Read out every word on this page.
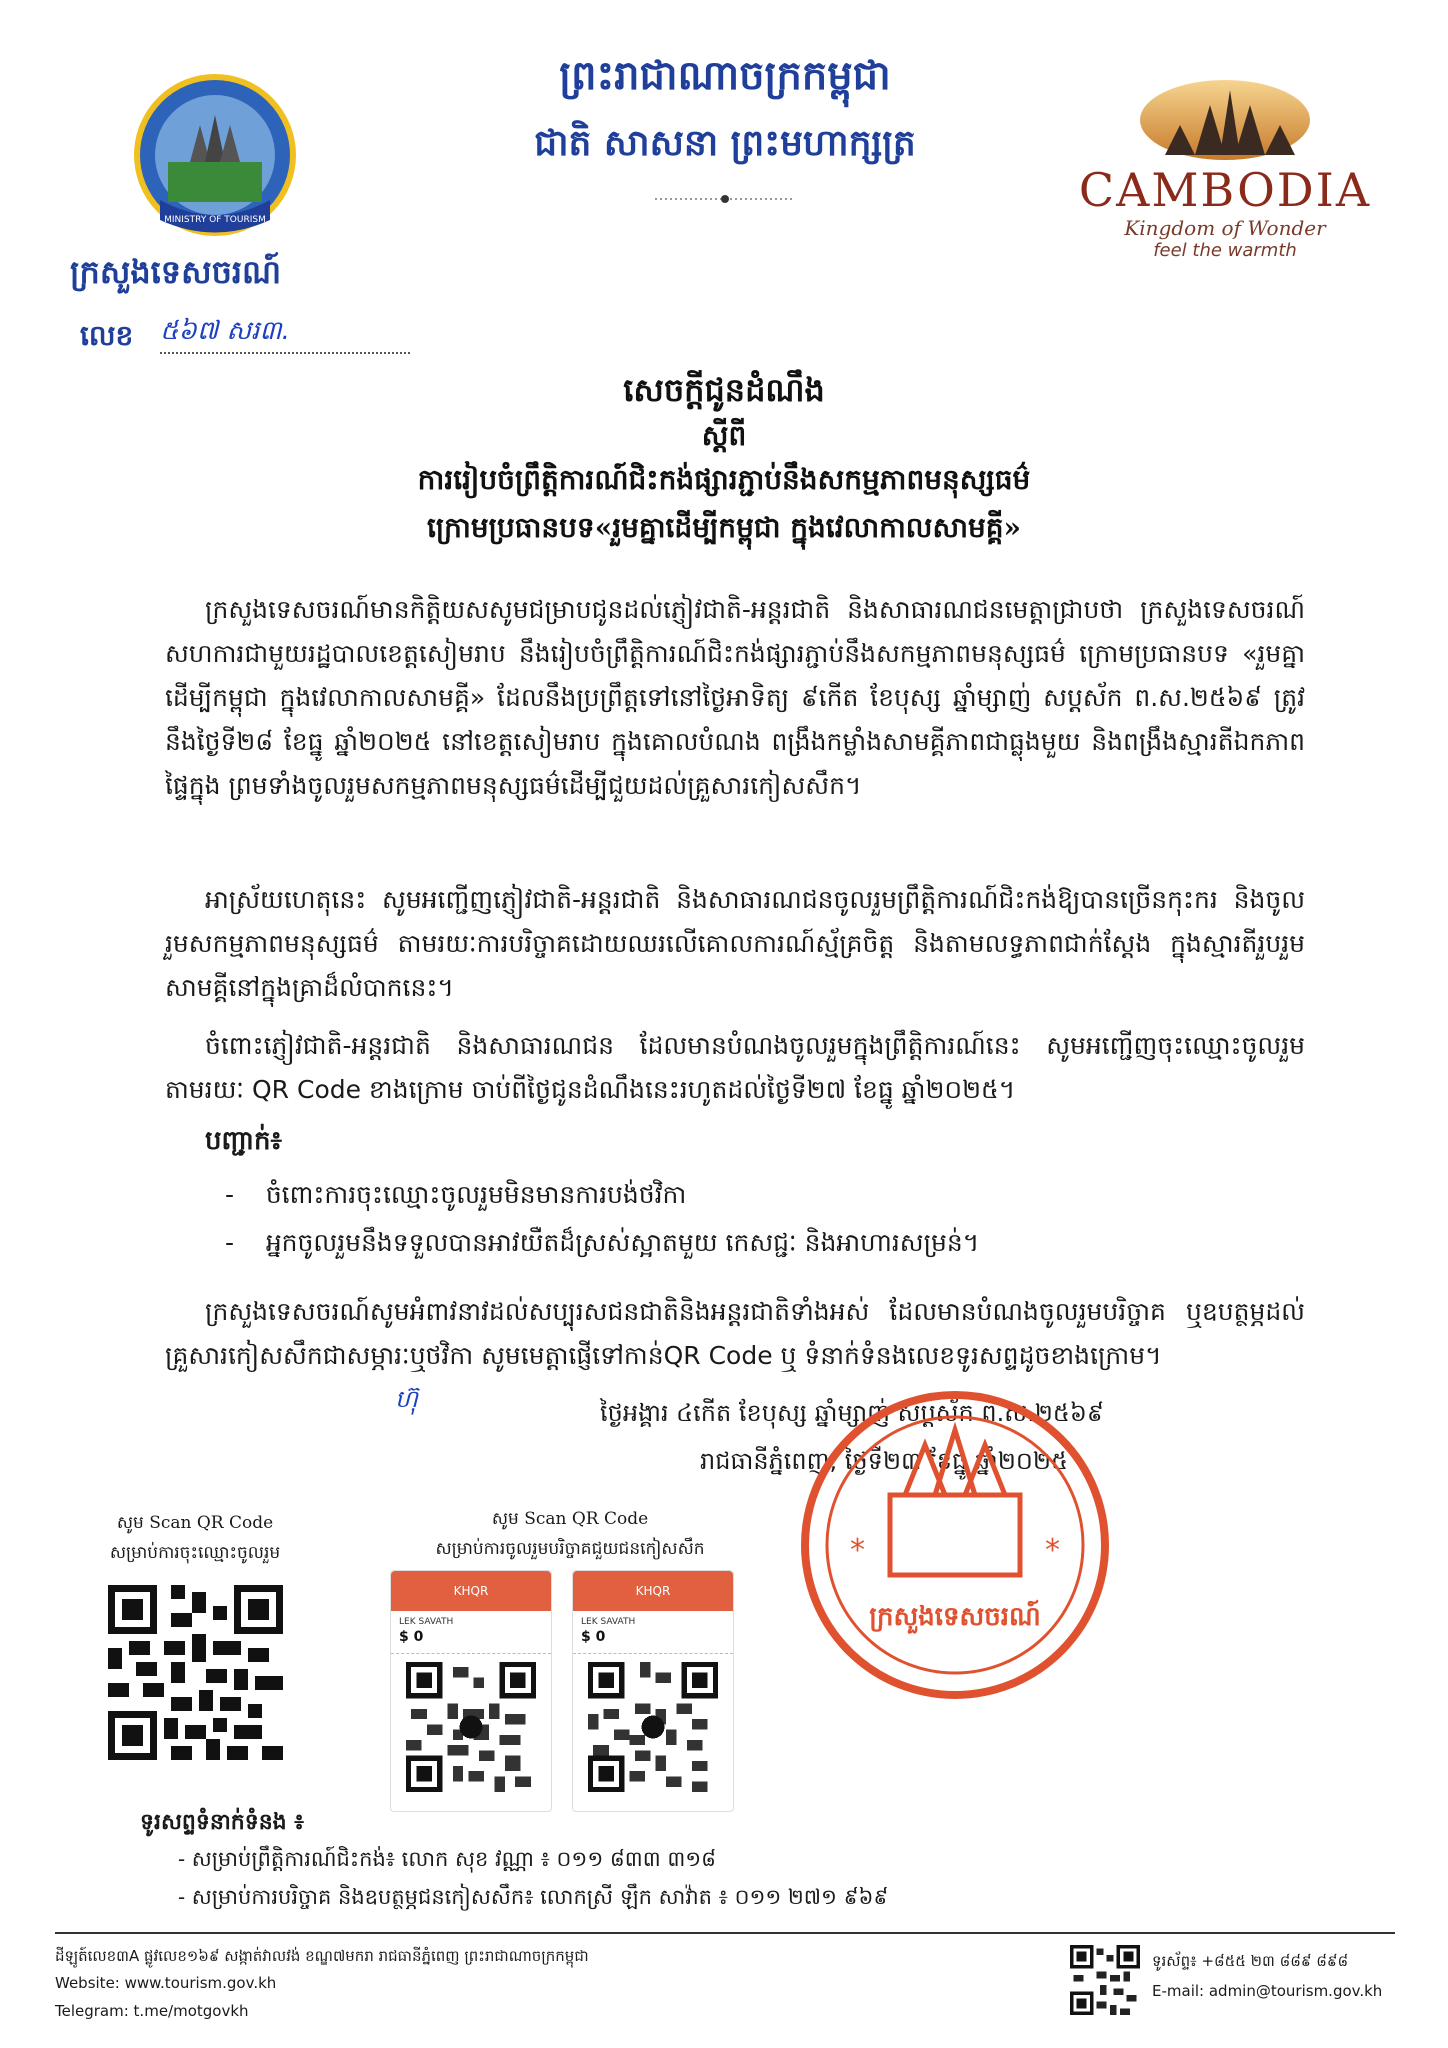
MINISTRY OF TOURISM
ព្រះរាជាណាចក្រកម្ពុជា
ជាតិ សាសនា ព្រះមហាក្សត្រ
CAMBODIA
Kingdom of Wonder
feel the warmth
ក្រសួងទេសចរណ៍
លេខ ៥៦៧ សរ៣.
សេចក្ដីជូនដំណឹង
ស្ដីពី
ការរៀបចំព្រឹត្តិការណ៍ជិះកង់ផ្សារភ្ជាប់នឹងសកម្មភាពមនុស្សធម៌
ក្រោមប្រធានបទ«រួមគ្នាដើម្បីកម្ពុជា ក្នុងវេលាកាលសាមគ្គី»
ក្រសួងទេសចរណ៍មានកិត្តិយសសូមជម្រាបជូនដល់ភ្ញៀវជាតិ-អន្តរជាតិ និងសាធារណជនមេត្តាជ្រាបថា ក្រសួងទេសចរណ៍សហការជាមួយរដ្ឋបាលខេត្តសៀមរាប នឹងរៀបចំព្រឹត្តិការណ៍ជិះកង់ផ្សារភ្ជាប់នឹងសកម្មភាពមនុស្សធម៌ ក្រោមប្រធានបទ «រួមគ្នាដើម្បីកម្ពុជា ក្នុងវេលាកាលសាមគ្គី» ដែលនឹងប្រព្រឹត្តទៅនៅថ្ងៃអាទិត្យ ៩កើត ខែបុស្ស ឆ្នាំម្សាញ់ សប្តស័ក ព.ស.២៥៦៩ ត្រូវនឹងថ្ងៃទី២៨ ខែធ្នូ ឆ្នាំ២០២៥ នៅខេត្តសៀមរាប ក្នុងគោលបំណង ពង្រឹងកម្លាំងសាមគ្គីភាពជាធ្លុងមួយ និងពង្រឹងស្មារតីឯកភាពផ្ទៃក្នុង ព្រមទាំងចូលរួមសកម្មភាពមនុស្សធម៌ដើម្បីជួយដល់គ្រួសារកៀសសឹក។
អាស្រ័យហេតុនេះ សូមអញ្ជើញភ្ញៀវជាតិ-អន្តរជាតិ និងសាធារណជនចូលរួមព្រឹត្តិការណ៍ជិះកង់ឱ្យបានច្រើនកុះករ និងចូលរួមសកម្មភាពមនុស្សធម៌ តាមរយៈការបរិច្ចាគដោយឈរលើគោលការណ៍ស្ម័គ្រចិត្ត និងតាមលទ្ធភាពជាក់ស្តែង ក្នុងស្មារតីរួបរួមសាមគ្គីនៅក្នុងគ្រាដ៏លំបាកនេះ។
ចំពោះភ្ញៀវជាតិ-អន្តរជាតិ និងសាធារណជន ដែលមានបំណងចូលរួមក្នុងព្រឹត្តិការណ៍នេះ សូមអញ្ជើញចុះឈ្មោះចូលរួមតាមរយៈ QR Code ខាងក្រោម ចាប់ពីថ្ងៃជូនដំណឹងនេះរហូតដល់ថ្ងៃទី២៧ ខែធ្នូ ឆ្នាំ២០២៥។
បញ្ជាក់៖
-    ចំពោះការចុះឈ្មោះចូលរួមមិនមានការបង់ថវិកា
-    អ្នកចូលរួមនឹងទទួលបានអាវយឺតដ៏ស្រស់ស្អាតមួយ កេសជ្ជៈ និងអាហារសម្រន់។
ក្រសួងទេសចរណ៍សូមអំពាវនាវដល់សប្បុរសជនជាតិនិងអន្តរជាតិទាំងអស់ ដែលមានបំណងចូលរួមបរិច្ចាគ ឬឧបត្ថម្ភដល់គ្រួសារកៀសសឹកជាសម្ភារៈឬថវិកា សូមមេត្តាផ្ញើទៅកាន់QR Code ឬ ទំនាក់ទំនងលេខទូរសព្ទដូចខាងក្រោម។
ហ៊ុ	ថ្ងៃអង្គារ ៤កើត ខែបុស្ស ឆ្នាំម្សាញ់ សប្តស័ក ព.ស.២៥៦៩
រាជធានីភ្នំពេញ, ថ្ងៃទី២៣ ខែធ្នូ ឆ្នាំ២០២៥
*	*
ក្រសួងទេសចរណ៍
សូម Scan QR Code
សម្រាប់ការចុះឈ្មោះចូលរួម
សូម Scan QR Code
សម្រាប់ការចូលរួមបរិច្ចាគជួយជនកៀសសឹក
KHQR
LEK SAVATH
$ 0
KHQR
LEK SAVATH
$ 0
ទូរសព្ទទំនាក់ទំនង ៖
- សម្រាប់ព្រឹត្តិការណ៍ជិះកង់៖ លោក សុខ វណ្ណា ៖ ០១១ ៨៣៣ ៣១៨
- សម្រាប់ការបរិច្ចាគ និងឧបត្ថម្ភជនកៀសសឹក៖ លោកស្រី ឡឹក សាវ៉ាត ៖ ០១១ ២៧១ ៩៦៩
ដីឡូត៍លេខ៣A ផ្លូវលេខ១៦៩ សង្កាត់វាលវង់ ខណ្ឌ៧មករា រាជធានីភ្នំពេញ ព្រះរាជាណាចក្រកម្ពុជា
Website: www.tourism.gov.kh
Telegram: t.me/motgovkh
ទូរស័ព្ទ៖ +៨៥៥ ២៣ ៨៨៩ ៨៩៨
E-mail: admin@tourism.gov.kh
